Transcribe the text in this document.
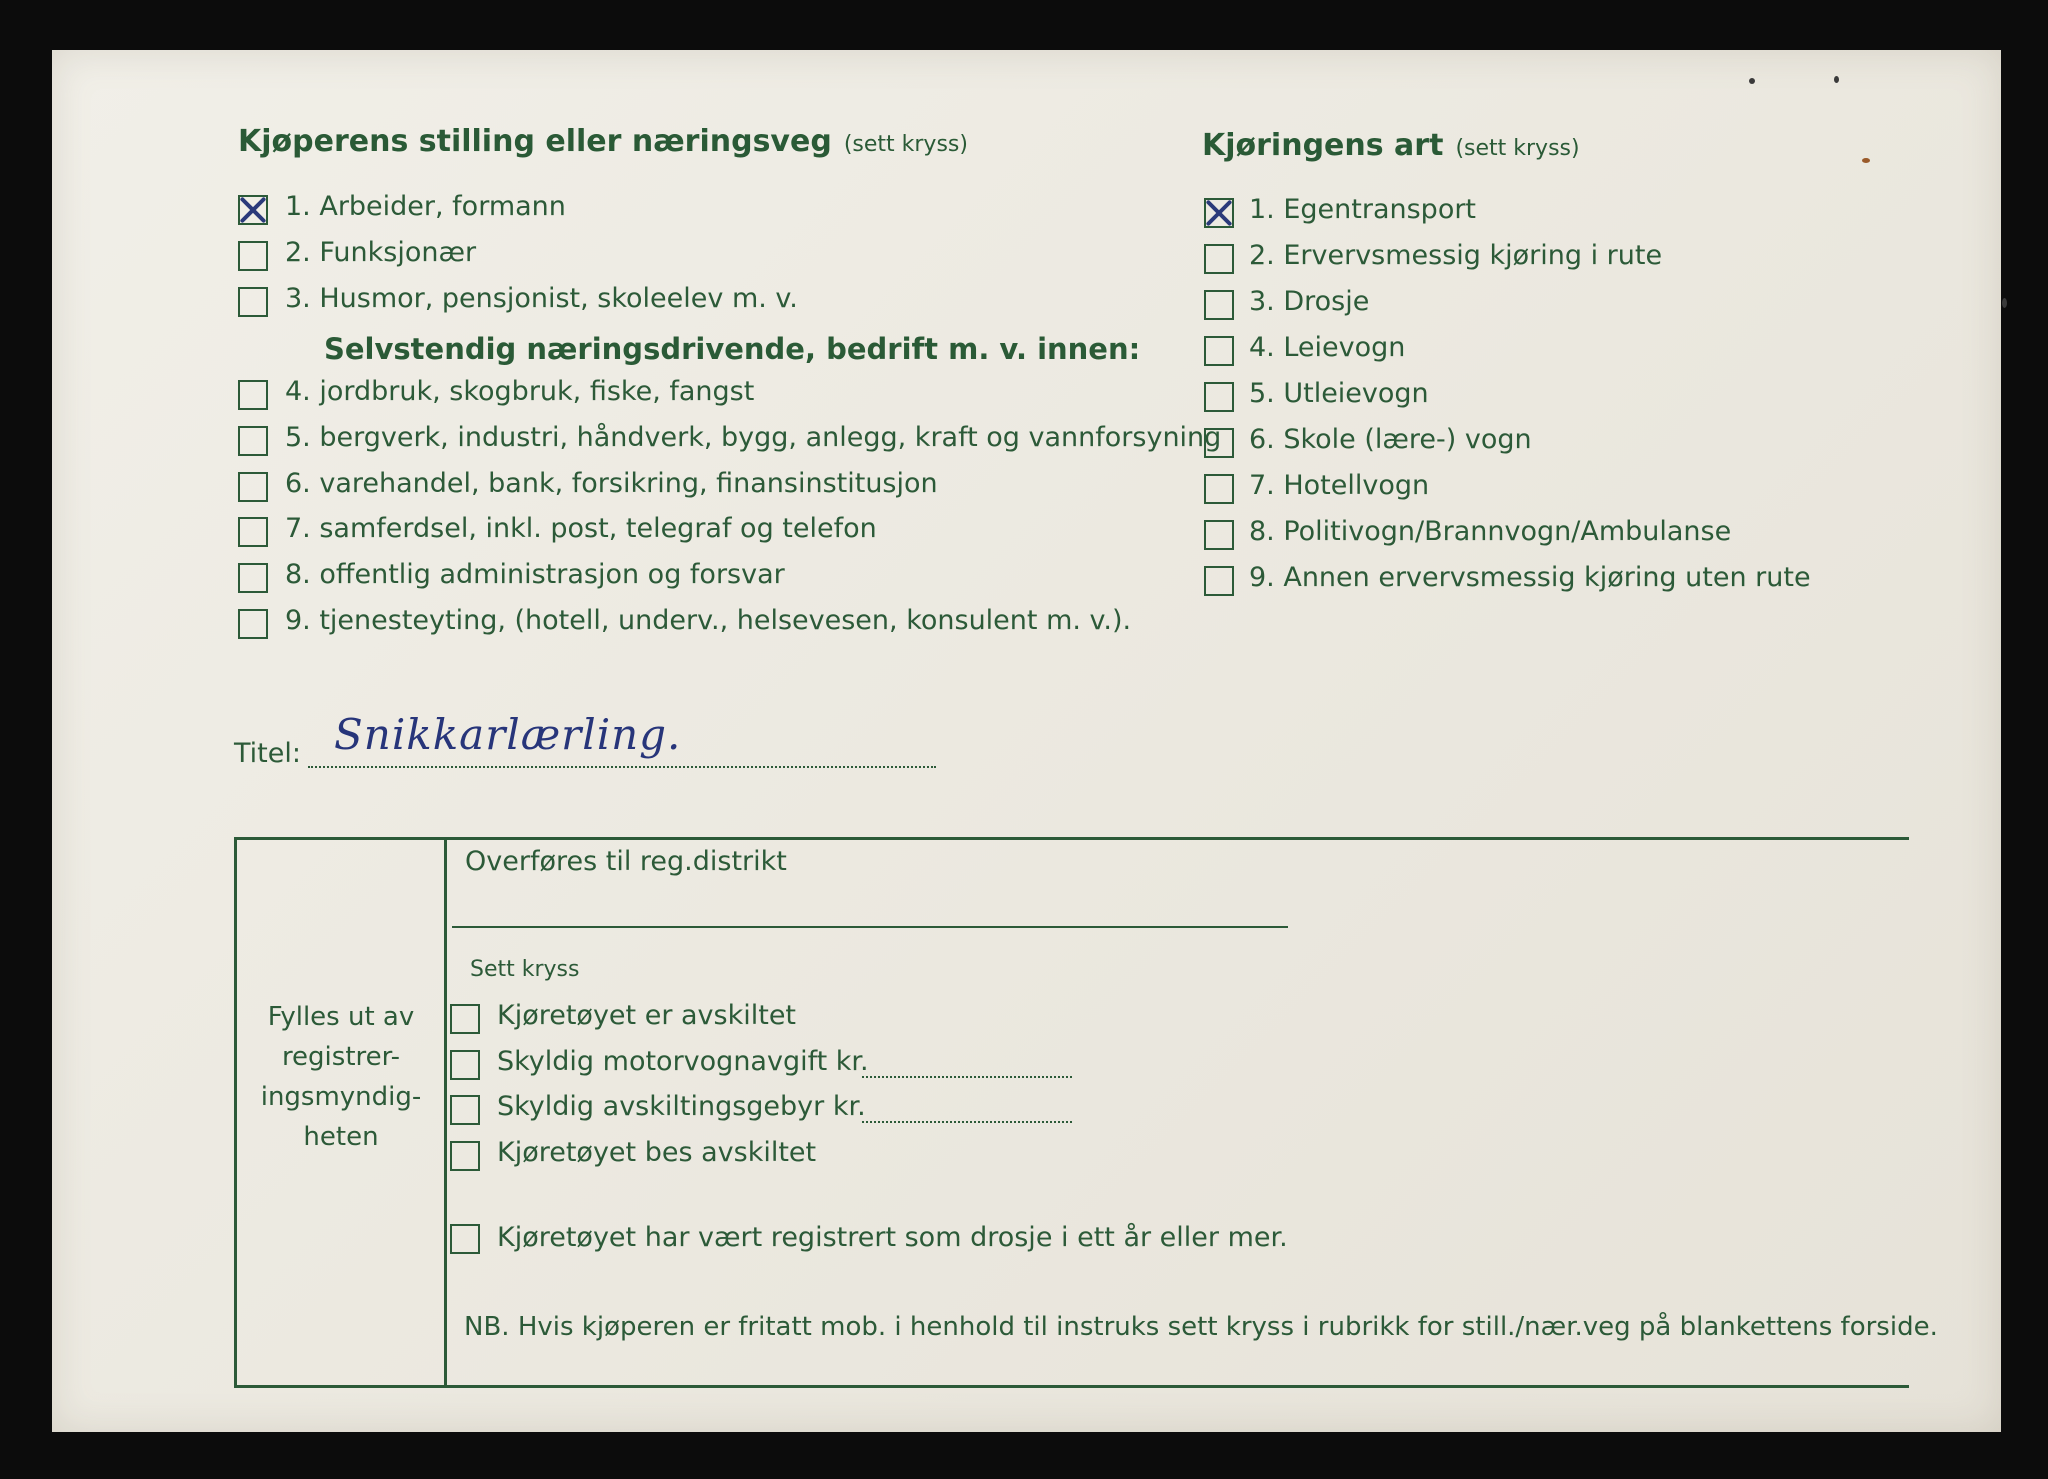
Kjøperens stilling eller næringsveg (sett kryss)
1. Arbeider, formann
2. Funksjonær
3. Husmor, pensjonist, skoleelev m. v.
Selvstendig næringsdrivende, bedrift m. v. innen:
4. jordbruk, skogbruk, fiske, fangst
5. bergverk, industri, håndverk, bygg, anlegg, kraft og vannforsyning
6. varehandel, bank, forsikring, finansinstitusjon
7. samferdsel, inkl. post, telegraf og telefon
8. offentlig administrasjon og forsvar
9. tjenesteyting, (hotell, underv., helsevesen, konsulent m. v.).
Kjøringens art (sett kryss)
1. Egentransport
2. Ervervsmessig kjøring i rute
3. Drosje
4. Leievogn
5. Utleievogn
6. Skole (lære-) vogn
7. Hotellvogn
8. Politivogn/Brannvogn/Ambulanse
9. Annen ervervsmessig kjøring uten rute
Titel: Snikkarlærling.
Fylles ut av registrer-ingsmyndig-heten
Overføres til reg.distrikt
Sett kryss
Kjøretøyet er avskiltet
Skyldig motorvognavgift kr.
Skyldig avskiltingsgebyr kr.
Kjøretøyet bes avskiltet
Kjøretøyet har vært registrert som drosje i ett år eller mer.
NB. Hvis kjøperen er fritatt mob. i henhold til instruks sett kryss i rubrikk for still./nær.veg på blankettens forside.
